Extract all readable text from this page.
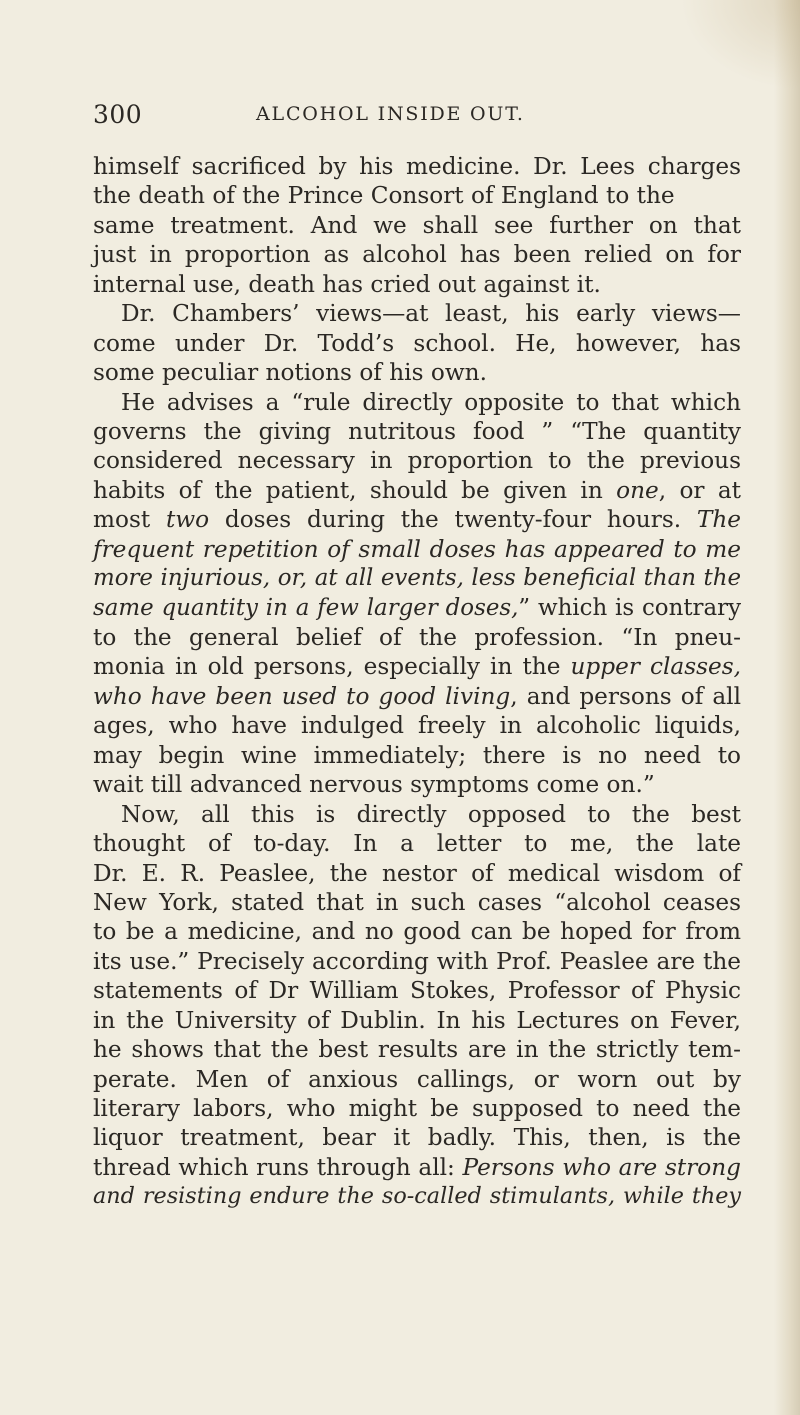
300	ALCOHOL INSIDE OUT.
himself sacrificed by his medicine. Dr. Lees charges
the death of the Prince Consort of England to the
same treatment. And we shall see further on that
just in proportion as alcohol has been relied on for
internal use, death has cried out against it.
Dr. Chambers’ views—at least, his early views—
come under Dr. Todd’s school. He, however, has
some peculiar notions of his own.
He advises a “rule directly opposite to that which
governs the giving nutritous food ” “The quantity
considered necessary in proportion to the previous
habits of the patient, should be given in one, or at
most two doses during the twenty-four hours. The
frequent repetition of small doses has appeared to me
more injurious, or, at all events, less beneficial than the
same quantity in a few larger doses,” which is contrary
to the general belief of the profession. “In pneu-
monia in old persons, especially in the upper classes,
who have been used to good living, and persons of all
ages, who have indulged freely in alcoholic liquids,
may begin wine immediately; there is no need to
wait till advanced nervous symptoms come on.”
Now, all this is directly opposed to the best
thought of to-day. In a letter to me, the late
Dr. E. R. Peaslee, the nestor of medical wisdom of
New York, stated that in such cases “alcohol ceases
to be a medicine, and no good can be hoped for from
its use.” Precisely according with Prof. Peaslee are the
statements of Dr William Stokes, Professor of Physic
in the University of Dublin. In his Lectures on Fever,
he shows that the best results are in the strictly tem-
perate. Men of anxious callings, or worn out by
literary labors, who might be supposed to need the
liquor treatment, bear it badly. This, then, is the
thread which runs through all: Persons who are strong
and resisting endure the so-called stimulants, while they
